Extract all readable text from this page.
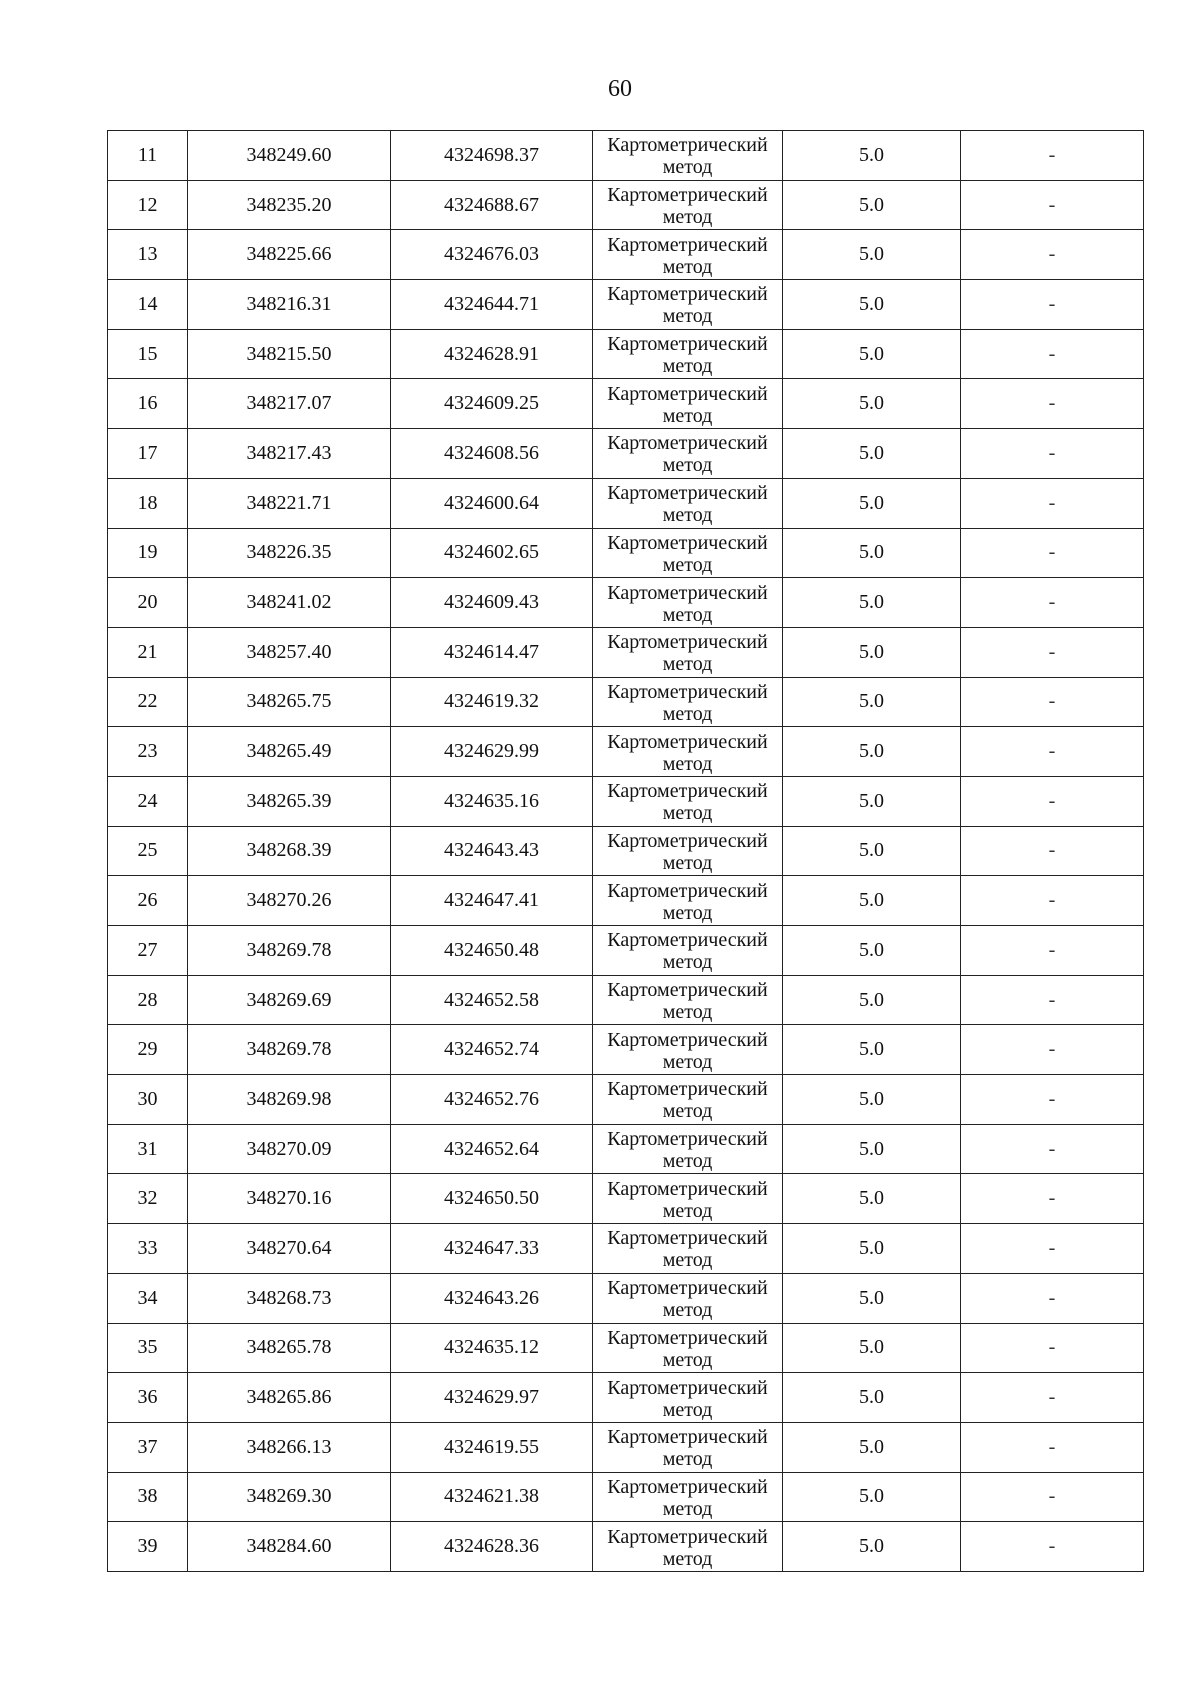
60
11	348249.60	4324698.37	Картометрический
метод	5.0	-
12	348235.20	4324688.67	Картометрический
метод	5.0	-
13	348225.66	4324676.03	Картометрический
метод	5.0	-
14	348216.31	4324644.71	Картометрический
метод	5.0	-
15	348215.50	4324628.91	Картометрический
метод	5.0	-
16	348217.07	4324609.25	Картометрический
метод	5.0	-
17	348217.43	4324608.56	Картометрический
метод	5.0	-
18	348221.71	4324600.64	Картометрический
метод	5.0	-
19	348226.35	4324602.65	Картометрический
метод	5.0	-
20	348241.02	4324609.43	Картометрический
метод	5.0	-
21	348257.40	4324614.47	Картометрический
метод	5.0	-
22	348265.75	4324619.32	Картометрический
метод	5.0	-
23	348265.49	4324629.99	Картометрический
метод	5.0	-
24	348265.39	4324635.16	Картометрический
метод	5.0	-
25	348268.39	4324643.43	Картометрический
метод	5.0	-
26	348270.26	4324647.41	Картометрический
метод	5.0	-
27	348269.78	4324650.48	Картометрический
метод	5.0	-
28	348269.69	4324652.58	Картометрический
метод	5.0	-
29	348269.78	4324652.74	Картометрический
метод	5.0	-
30	348269.98	4324652.76	Картометрический
метод	5.0	-
31	348270.09	4324652.64	Картометрический
метод	5.0	-
32	348270.16	4324650.50	Картометрический
метод	5.0	-
33	348270.64	4324647.33	Картометрический
метод	5.0	-
34	348268.73	4324643.26	Картометрический
метод	5.0	-
35	348265.78	4324635.12	Картометрический
метод	5.0	-
36	348265.86	4324629.97	Картометрический
метод	5.0	-
37	348266.13	4324619.55	Картометрический
метод	5.0	-
38	348269.30	4324621.38	Картометрический
метод	5.0	-
39	348284.60	4324628.36	Картометрический
метод	5.0	-
